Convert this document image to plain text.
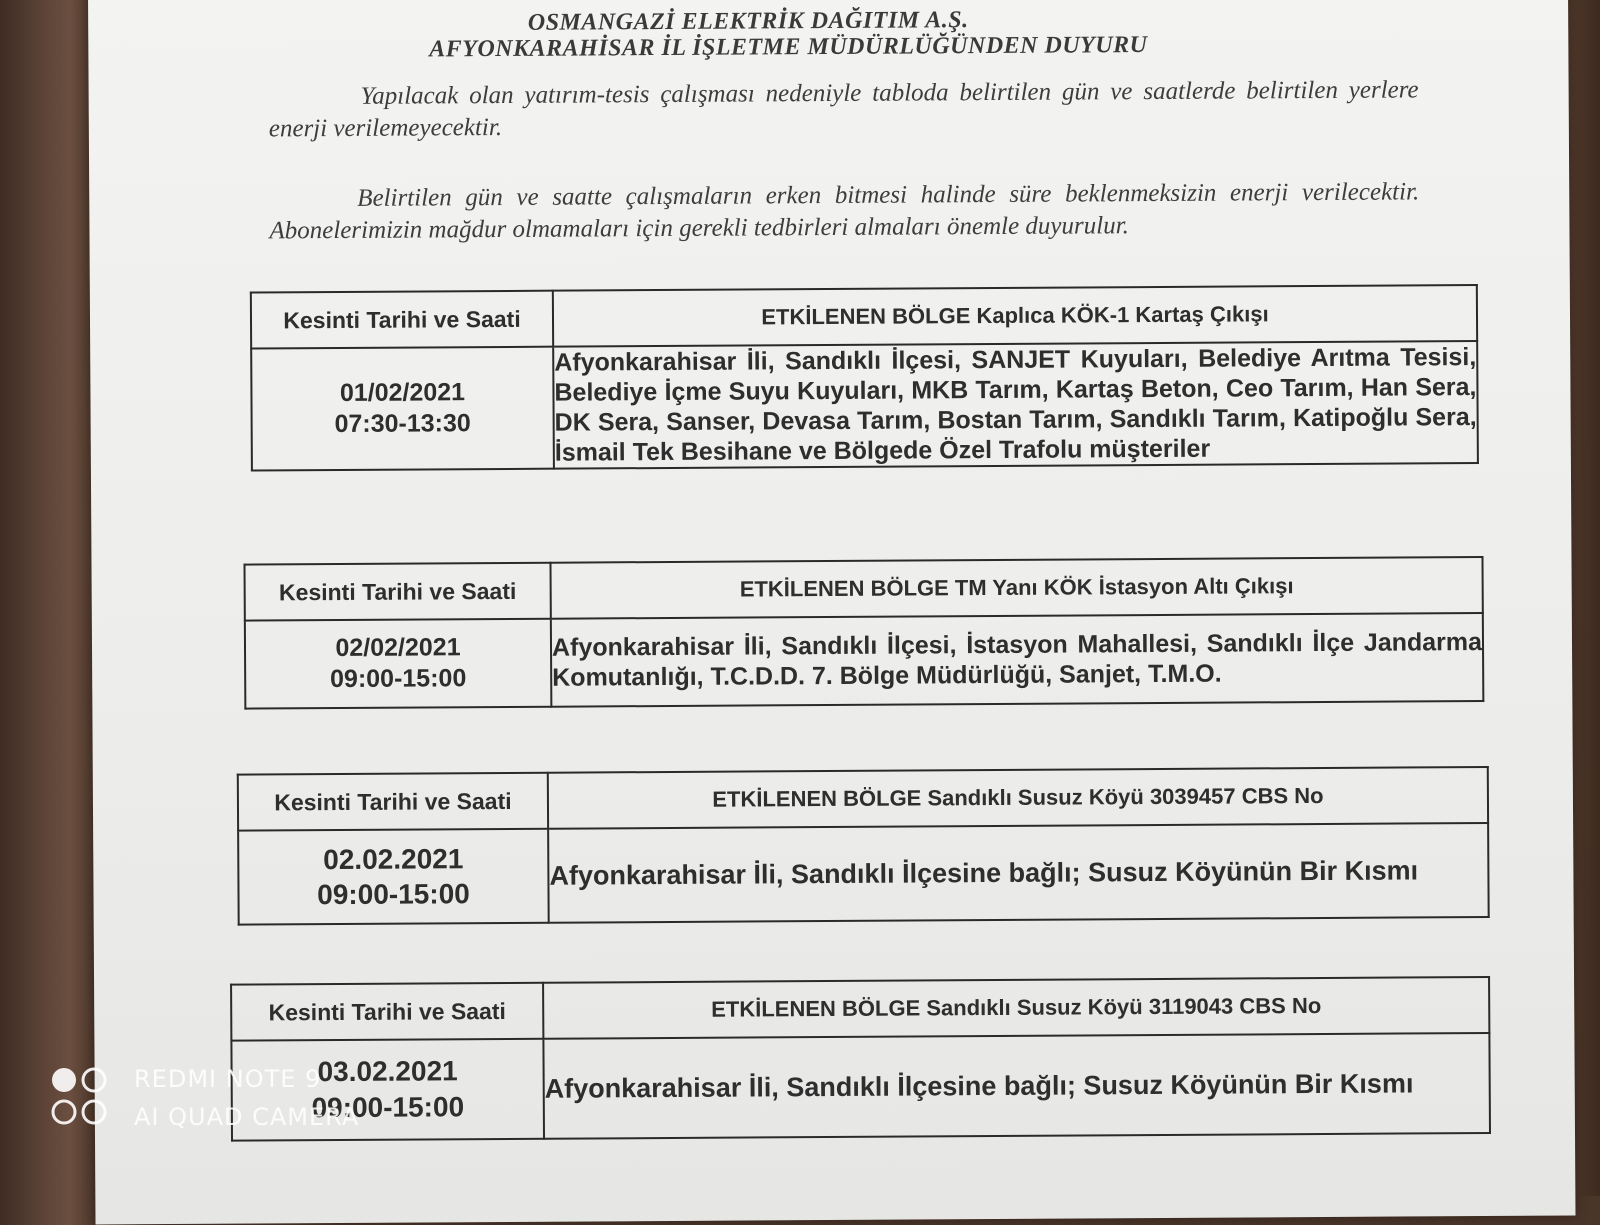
OSMANGAZİ ELEKTRİK DAĞITIM A.Ş.
AFYONKARAHİSAR İL İŞLETME MÜDÜRLÜĞÜNDEN DUYURU
Yapılacak olan yatırım-tesis çalışması nedeniyle tabloda belirtilen gün ve saatlerde belirtilen yerlere enerji verilemeyecektir.
Belirtilen gün ve saatte çalışmaların erken bitmesi halinde süre beklenmeksizin enerji verilecektir. Abonelerimizin mağdur olmamaları için gerekli tedbirleri almaları önemle duyurulur.
Kesinti Tarihi ve Saati	ETKİLENEN BÖLGE Kaplıca KÖK-1 Kartaş Çıkışı

01/02/2021
07:30-13:30	Afyonkarahisar İli, Sandıklı İlçesi, SANJET Kuyuları, Belediye Arıtma Tesisi, Belediye İçme Suyu Kuyuları, MKB Tarım, Kartaş Beton, Ceo Tarım, Han Sera, DK Sera, Sanser, Devasa Tarım, Bostan Tarım, Sandıklı Tarım, Katipoğlu Sera, İsmail Tek Besihane ve Bölgede Özel Trafolu müşteriler
Kesinti Tarihi ve Saati	ETKİLENEN BÖLGE TM Yanı KÖK İstasyon Altı Çıkışı

02/02/2021
09:00-15:00	Afyonkarahisar İli, Sandıklı İlçesi, İstasyon Mahallesi, Sandıklı İlçe Jandarma Komutanlığı, T.C.D.D. 7. Bölge Müdürlüğü, Sanjet, T.M.O.
Kesinti Tarihi ve Saati	ETKİLENEN BÖLGE Sandıklı Susuz Köyü 3039457 CBS No

02.02.2021
09:00-15:00	Afyonkarahisar İli, Sandıklı İlçesine bağlı; Susuz Köyünün Bir Kısmı
Kesinti Tarihi ve Saati	ETKİLENEN BÖLGE Sandıklı Susuz Köyü 3119043 CBS No

03.02.2021
09:00-15:00	Afyonkarahisar İli, Sandıklı İlçesine bağlı; Susuz Köyünün Bir Kısmı
REDMI NOTE 9
AI QUAD CAMERA
